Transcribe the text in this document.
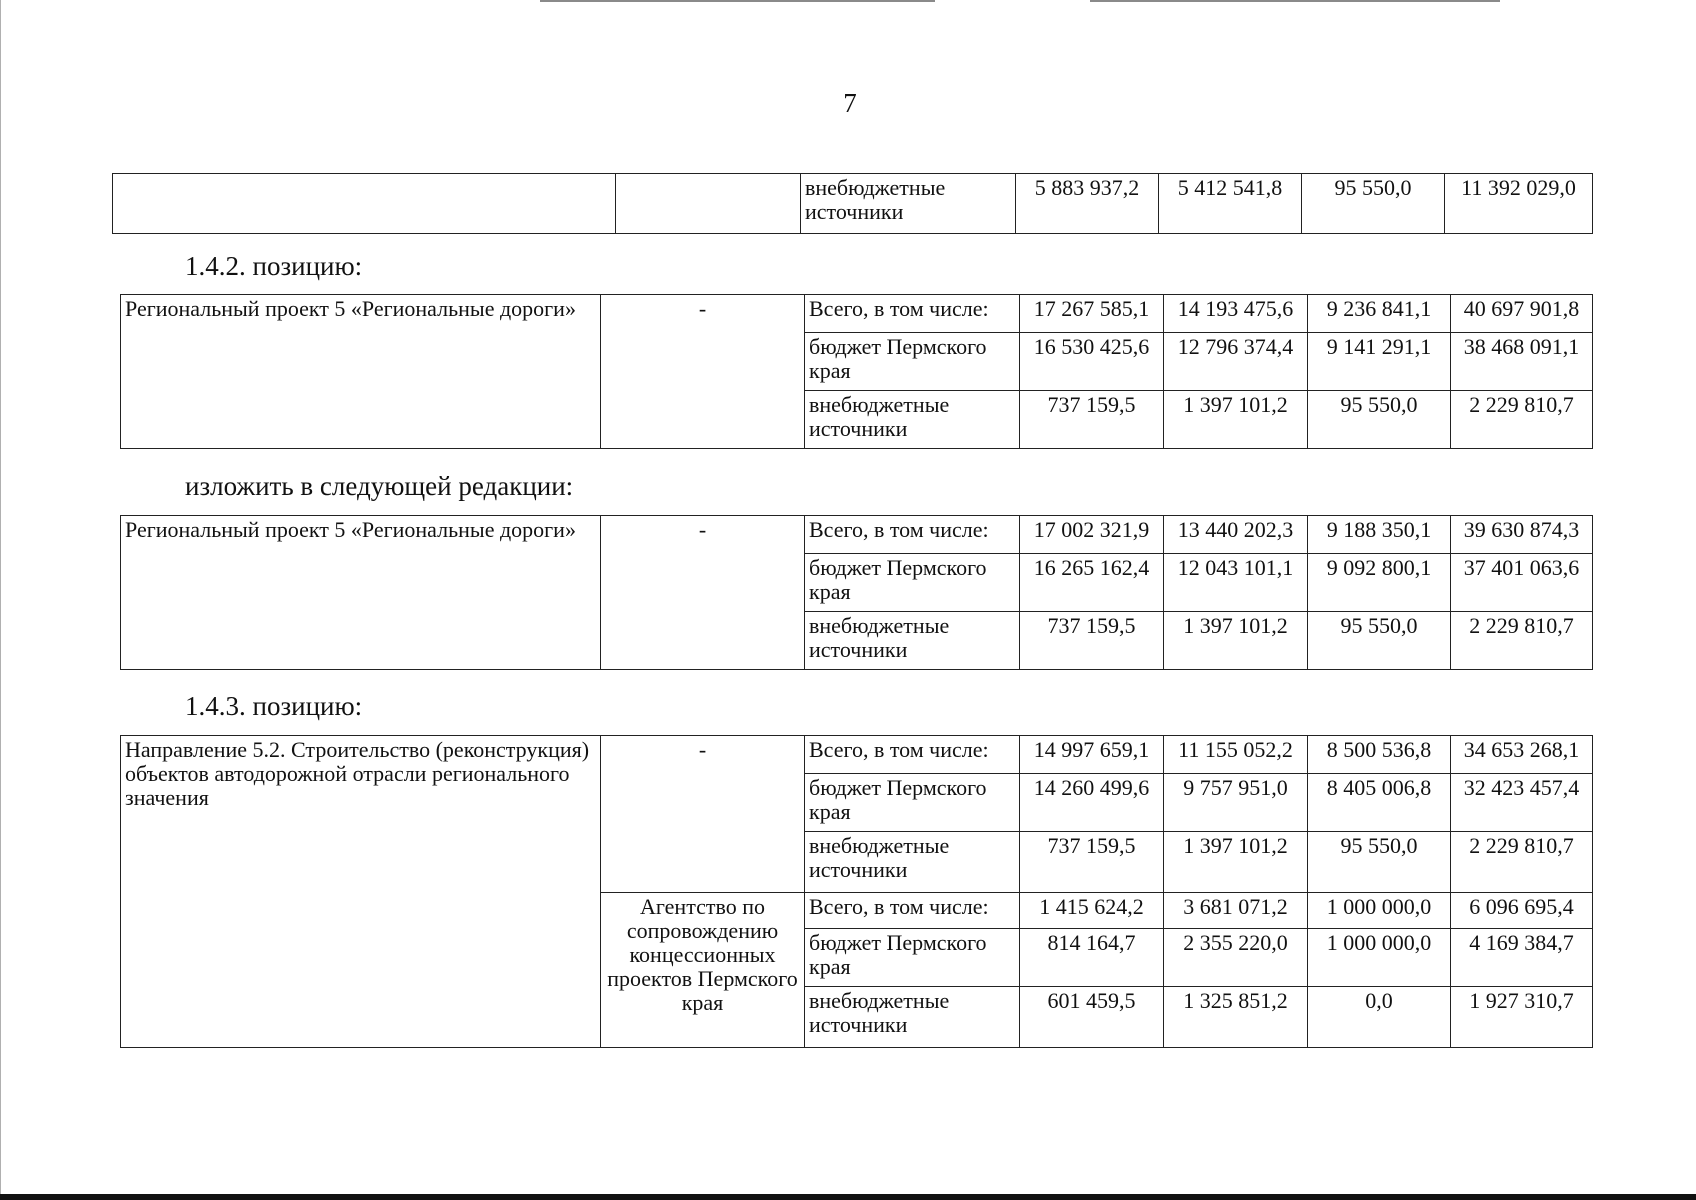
7
		внебюджетные источники	5 883 937,2	5 412 541,8	95 550,0	11 392 029,0
1.4.2. позицию:
Региональный проект 5 «Региональные дороги»	-	Всего, в том числе:	17 267 585,1	14 193 475,6	9 236 841,1	40 697 901,8
		бюджет Пермского края	16 530 425,6	12 796 374,4	9 141 291,1	38 468 091,1
		внебюджетные источники	737 159,5	1 397 101,2	95 550,0	2 229 810,7
изложить в следующей редакции:
Региональный проект 5 «Региональные дороги»	-	Всего, в том числе:	17 002 321,9	13 440 202,3	9 188 350,1	39 630 874,3
		бюджет Пермского края	16 265 162,4	12 043 101,1	9 092 800,1	37 401 063,6
		внебюджетные источники	737 159,5	1 397 101,2	95 550,0	2 229 810,7
1.4.3. позицию:
Направление 5.2. Строительство (реконструкция) объектов автодорожной отрасли регионального значения	-	Всего, в том числе:	14 997 659,1	11 155 052,2	8 500 536,8	34 653 268,1
		бюджет Пермского края	14 260 499,6	9 757 951,0	8 405 006,8	32 423 457,4
		внебюджетные источники	737 159,5	1 397 101,2	95 550,0	2 229 810,7
	Агентство по сопровождению концессионных проектов Пермского края	Всего, в том числе:	1 415 624,2	3 681 071,2	1 000 000,0	6 096 695,4
		бюджет Пермского края	814 164,7	2 355 220,0	1 000 000,0	4 169 384,7
		внебюджетные источники	601 459,5	1 325 851,2	0,0	1 927 310,7
